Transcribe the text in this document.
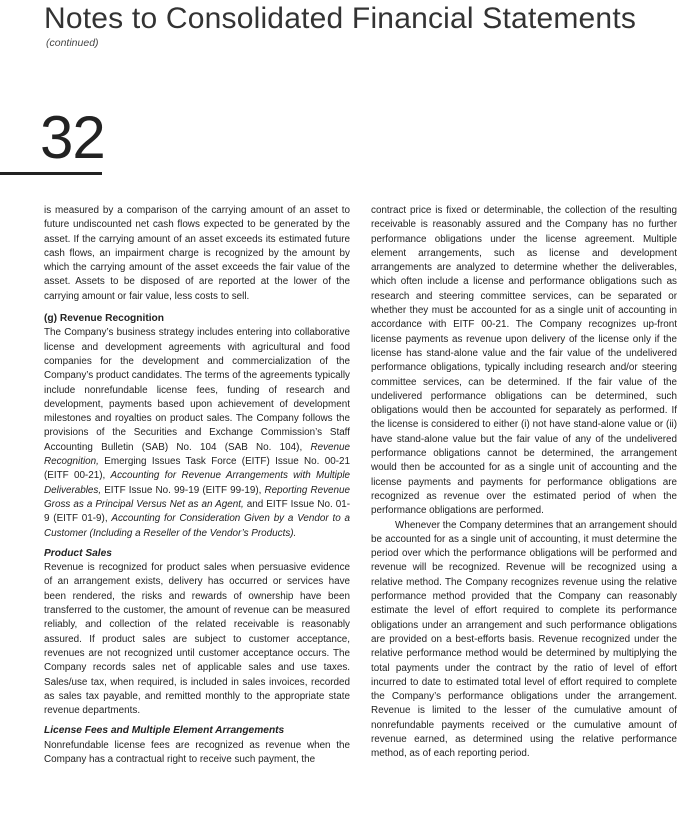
Notes to Consolidated Financial Statements
(continued)
32

is measured by a comparison of the carrying amount of an asset to future undiscounted net cash flows expected to be generated by the asset. If the carrying amount of an asset exceeds its estimated future cash flows, an impairment charge is recognized by the amount by which the carrying amount of the asset exceeds the fair value of the asset. Assets to be disposed of are reported at the lower of the carrying amount or fair value, less costs to sell.

(g) Revenue Recognition

The Company’s business strategy includes entering into collaborative license and development agreements with agricultural and food companies for the development and commercialization of the Company’s product candidates. The terms of the agreements typically include nonrefundable license fees, funding of research and development, payments based upon achievement of development milestones and royalties on product sales. The Company follows the provisions of the Securities and Exchange Commission’s Staff Accounting Bulletin (SAB) No. 104 (SAB No. 104), Revenue Recognition, Emerging Issues Task Force (EITF) Issue No. 00-21 (EITF 00-21), Accounting for Revenue Arrangements with Multiple Deliverables, EITF Issue No. 99-19 (EITF 99-19), Reporting Revenue Gross as a Principal Versus Net as an Agent, and EITF Issue No. 01-9 (EITF 01-9), Accounting for Consideration Given by a Vendor to a Customer (Including a Reseller of the Vendor’s Products).

Product Sales

Revenue is recognized for product sales when persuasive evidence of an arrangement exists, delivery has occurred or services have been rendered, the risks and rewards of ownership have been transferred to the customer, the amount of revenue can be measured reliably, and collection of the related receivable is reasonably assured. If product sales are subject to customer acceptance, revenues are not recognized until customer acceptance occurs. The Company records sales net of applicable sales and use taxes. Sales/use tax, when required, is included in sales invoices, recorded as sales tax payable, and remitted monthly to the appropriate state revenue departments.

License Fees and Multiple Element Arrangements

Nonrefundable license fees are recognized as revenue when the Company has a contractual right to receive such payment, the

contract price is fixed or determinable, the collection of the resulting receivable is reasonably assured and the Company has no further performance obligations under the license agreement. Multiple element arrangements, such as license and development arrangements are analyzed to determine whether the deliverables, which often include a license and performance obligations such as research and steering committee services, can be separated or whether they must be accounted for as a single unit of accounting in accordance with EITF 00-21. The Company recognizes up-front license payments as revenue upon delivery of the license only if the license has stand-alone value and the fair value of the undelivered performance obligations, typically including research and/or steering committee services, can be determined. If the fair value of the undelivered performance obligations can be determined, such obligations would then be accounted for separately as performed. If the license is considered to either (i) not have stand-alone value or (ii) have stand-alone value but the fair value of any of the undelivered performance obligations cannot be determined, the arrangement would then be accounted for as a single unit of accounting and the license payments and payments for performance obligations are recognized as revenue over the estimated period of when the performance obligations are performed.

Whenever the Company determines that an arrangement should be accounted for as a single unit of accounting, it must determine the period over which the performance obligations will be performed and revenue will be recognized. Revenue will be recognized using a relative method. The Company recognizes revenue using the relative performance method provided that the Company can reasonably estimate the level of effort required to complete its performance obligations under an arrangement and such performance obligations are provided on a best-efforts basis. Revenue recognized under the relative performance method would be determined by multiplying the total payments under the contract by the ratio of level of effort incurred to date to estimated total level of effort required to complete the Company’s performance obligations under the arrangement. Revenue is limited to the lesser of the cumulative amount of nonrefundable payments received or the cumulative amount of revenue earned, as determined using the relative performance method, as of each reporting period.
